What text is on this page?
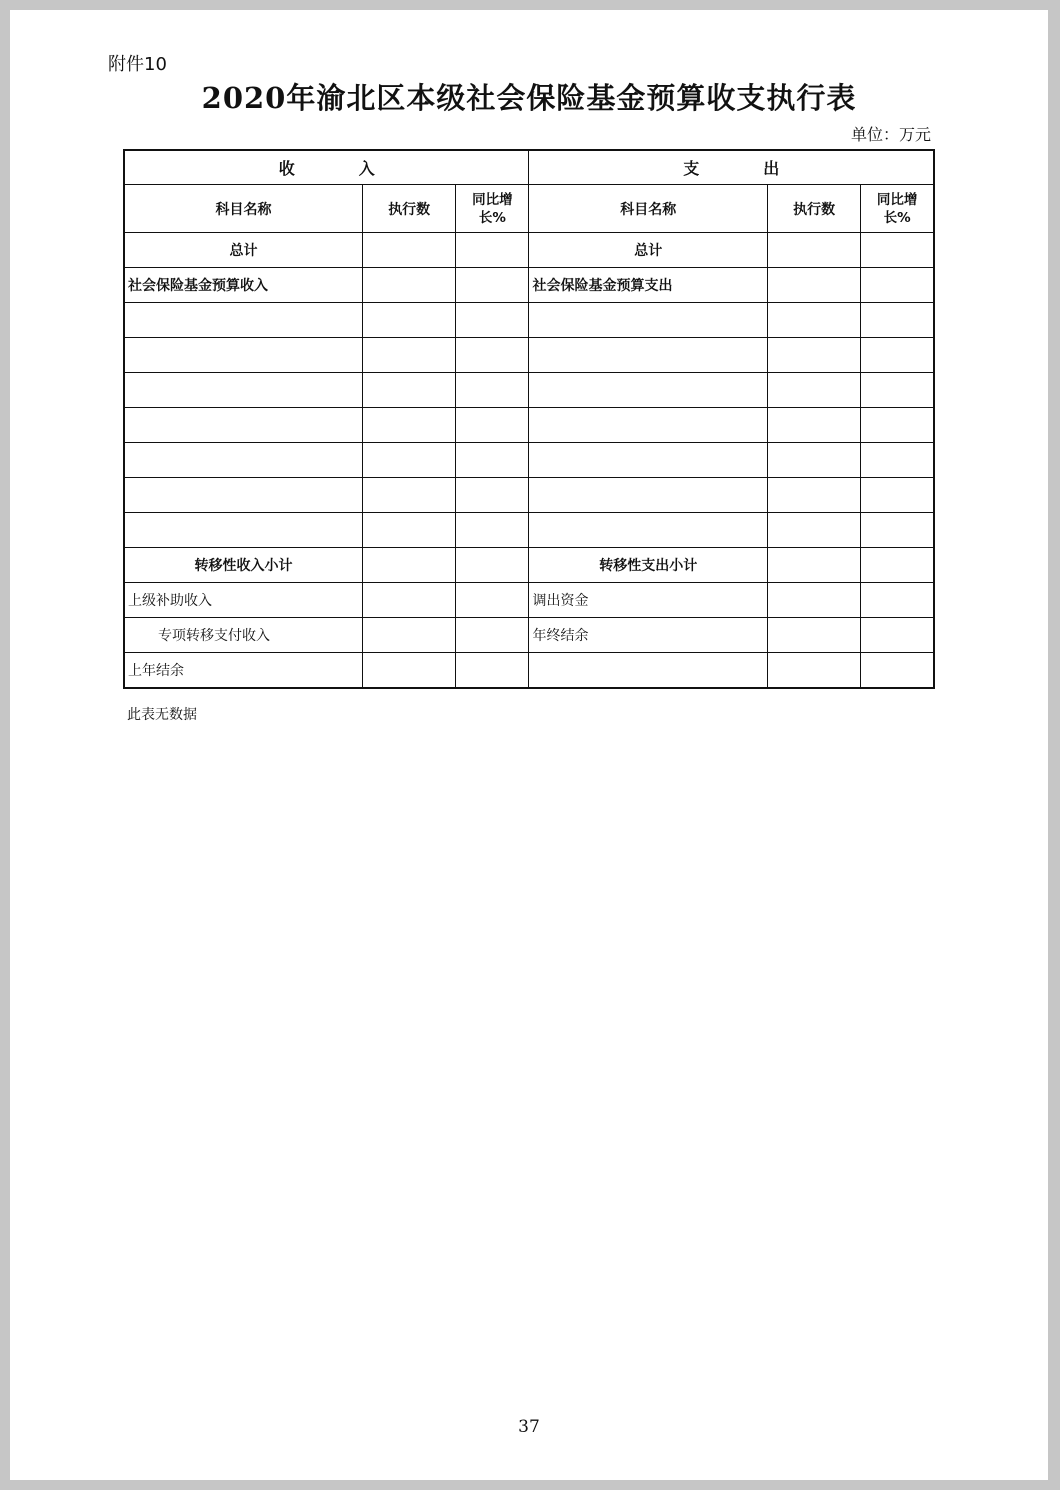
附件10
2020年渝北区本级社会保险基金预算收支执行表
单位：万元
收　　　　入			支　　　　出		
科目名称	执行数	同比增长%	科目名称	执行数	同比增长%
总计			总计		
社会保险基金预算收入			社会保险基金预算支出		

转移性收入小计			转移性支出小计		
上级补助收入			调出资金		
专项转移支付收入			年终结余		
上年结余					
此表无数据
37
